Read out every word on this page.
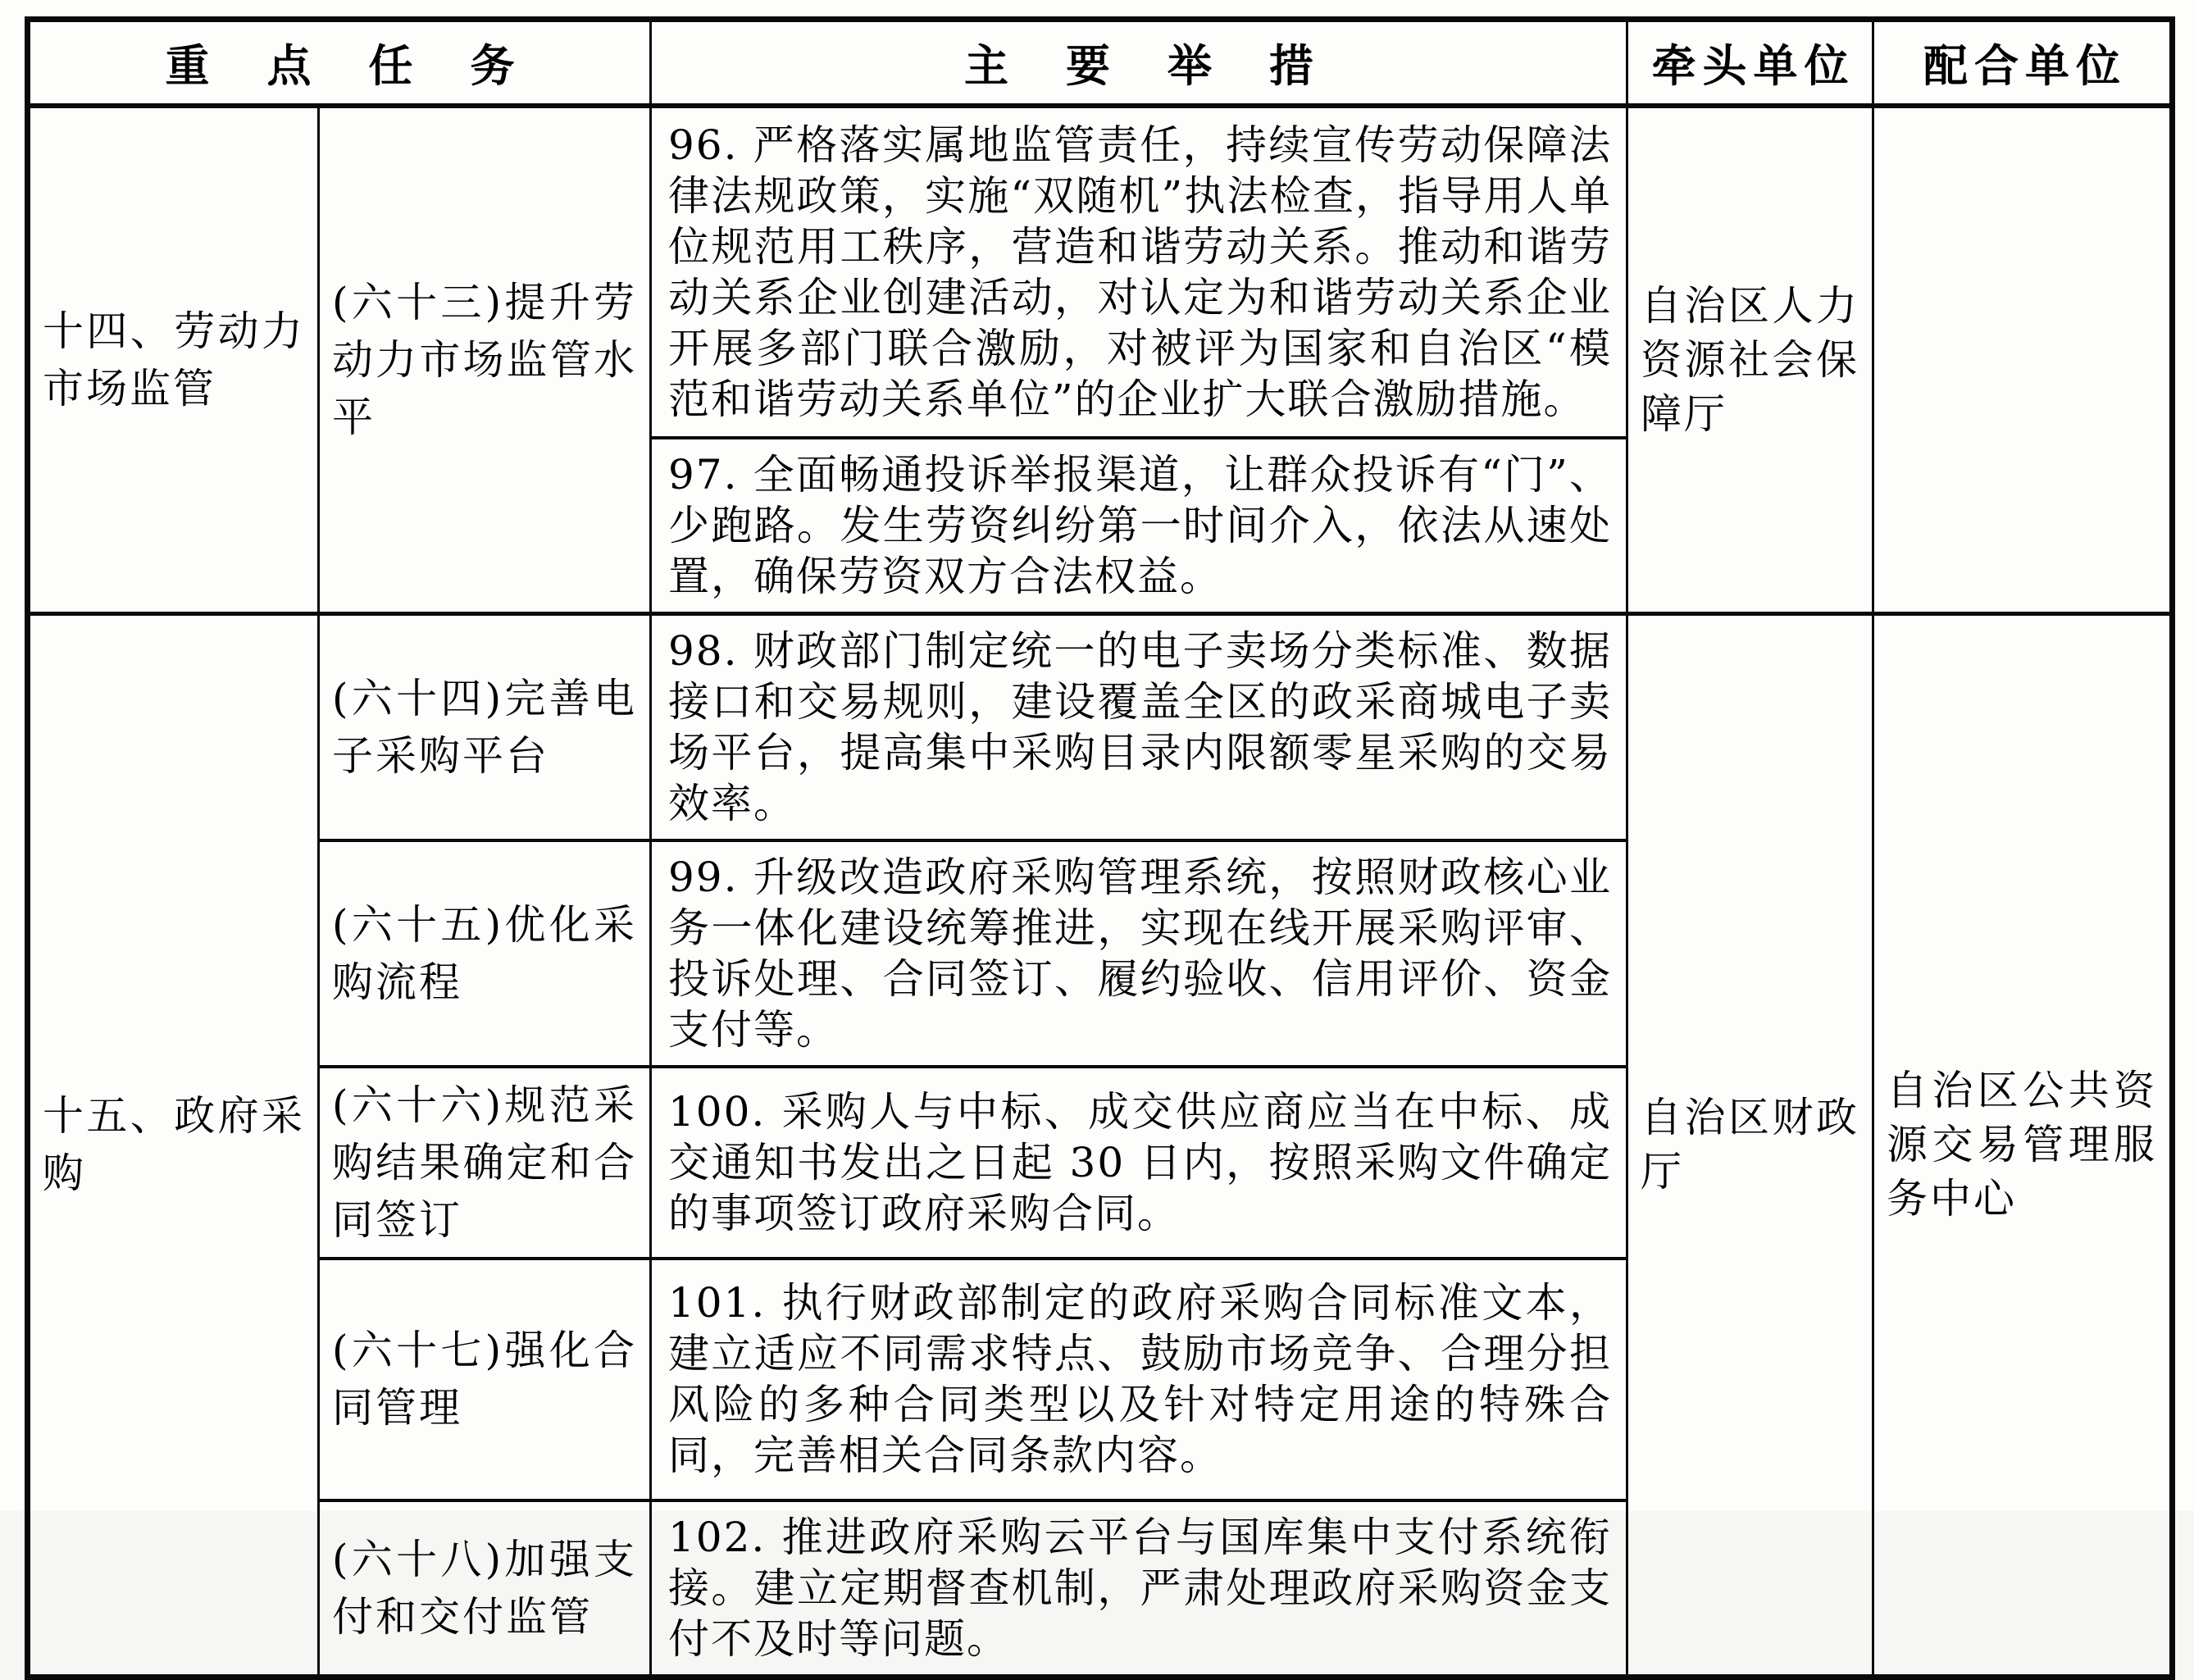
重点任务		主要举措	牵头单位	配合单位
十四、劳动力市场监管	(六十三)提升劳动力市场监管水平	96. 严格落实属地监管责任，持续宣传劳动保障法律法规政策，实施“双随机”执法检查，指导用人单位规范用工秩序，营造和谐劳动关系。推动和谐劳动关系企业创建活动，对认定为和谐劳动关系企业开展多部门联合激励，对被评为国家和自治区“模范和谐劳动关系单位”的企业扩大联合激励措施。	自治区人力资源社会保障厅	
		97. 全面畅通投诉举报渠道，让群众投诉有“门”、少跑路。发生劳资纠纷第一时间介入，依法从速处置，确保劳资双方合法权益。		
十五、政府采购	(六十四)完善电子采购平台	98. 财政部门制定统一的电子卖场分类标准、数据接口和交易规则，建设覆盖全区的政采商城电子卖场平台，提高集中采购目录内限额零星采购的交易效率。	自治区财政厅	自治区公共资源交易管理服务中心
	(六十五)优化采购流程	99. 升级改造政府采购管理系统，按照财政核心业务一体化建设统筹推进，实现在线开展采购评审、投诉处理、合同签订、履约验收、信用评价、资金支付等。		
	(六十六)规范采购结果确定和合同签订	100. 采购人与中标、成交供应商应当在中标、成交通知书发出之日起 30 日内，按照采购文件确定的事项签订政府采购合同。		
	(六十七)强化合同管理	101. 执行财政部制定的政府采购合同标准文本，建立适应不同需求特点、鼓励市场竞争、合理分担风险的多种合同类型以及针对特定用途的特殊合同，完善相关合同条款内容。		
	(六十八)加强支付和交付监管	102. 推进政府采购云平台与国库集中支付系统衔接。建立定期督查机制，严肃处理政府采购资金支付不及时等问题。		
